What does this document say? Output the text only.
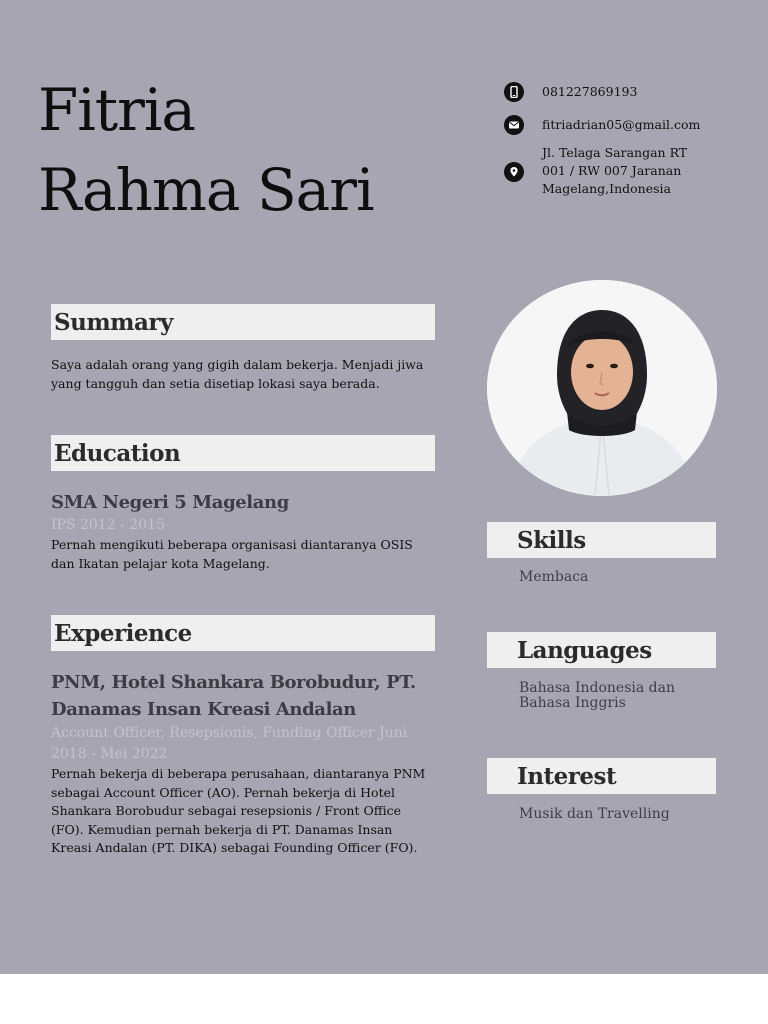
Fitria
Rahma Sari
081227869193
fitriadrian05@gmail.com
Jl. Telaga Sarangan RT 001 / RW 007 Jaranan Magelang,Indonesia
Summary
Saya adalah orang yang gigih dalam bekerja. Menjadi jiwa yang tangguh dan setia disetiap lokasi saya berada.
Education
SMA Negeri 5 Magelang
IPS 2012 - 2015
Pernah mengikuti beberapa organisasi diantaranya OSIS dan Ikatan pelajar kota Magelang.
Experience
PNM, Hotel Shankara Borobudur, PT. Danamas Insan Kreasi Andalan
Account Officer, Resepsionis, Funding Officer Juni 2018 - Mei 2022
Pernah bekerja di beberapa perusahaan, diantaranya PNM sebagai Account Officer (AO). Pernah bekerja di Hotel Shankara Borobudur sebagai resepsionis / Front Office (FO). Kemudian pernah bekerja di PT. Danamas Insan Kreasi Andalan (PT. DIKA) sebagai Founding Officer (FO).
Skills
Membaca
Languages
Bahasa Indonesia dan Bahasa Inggris
Interest
Musik dan Travelling
